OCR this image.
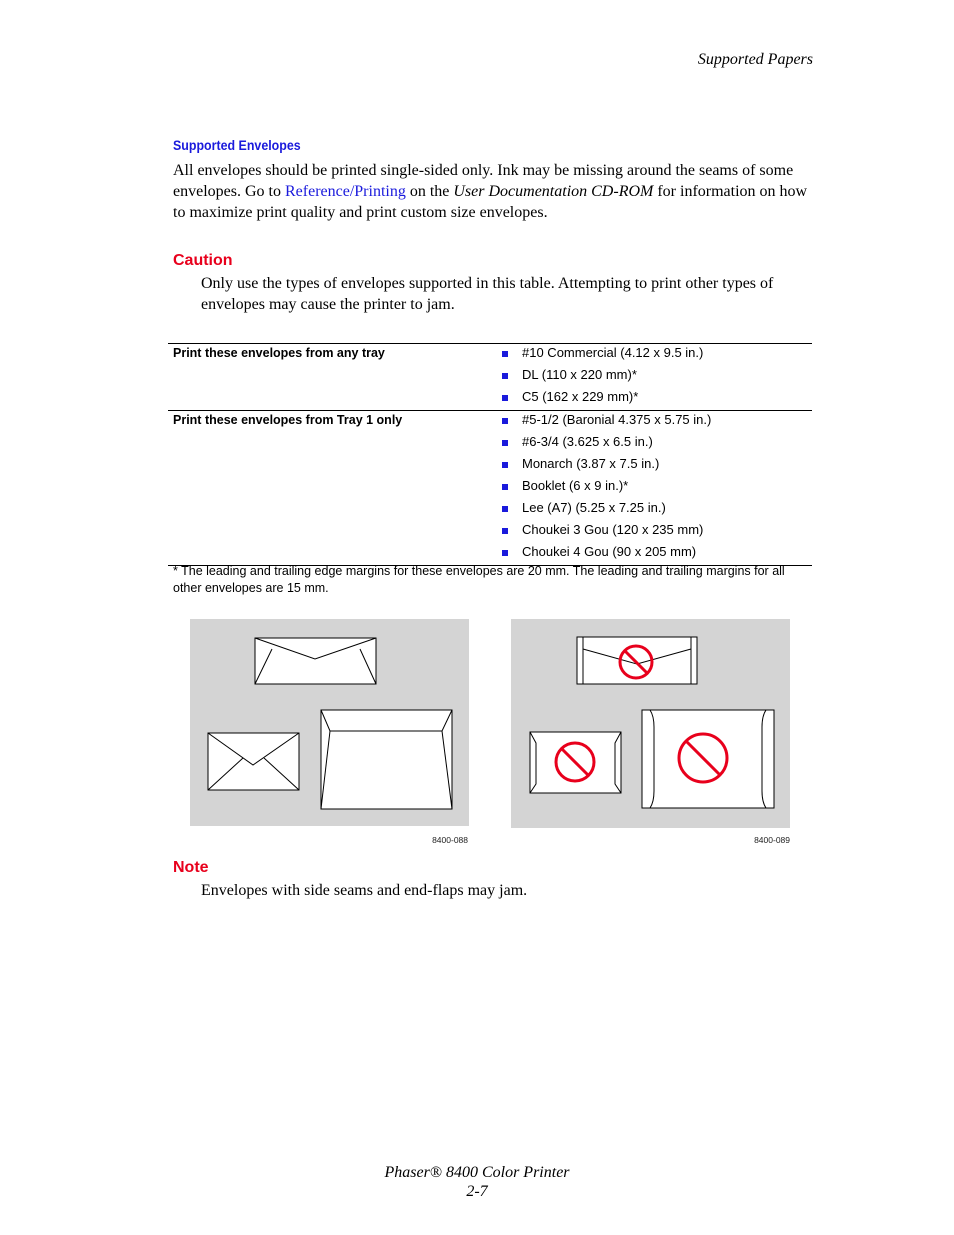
Supported Papers
Supported Envelopes
All envelopes should be printed single-sided only. Ink may be missing around the seams of some envelopes. Go to Reference/Printing on the User Documentation CD-ROM for information on how to maximize print quality and print custom size envelopes.
Caution
Only use the types of envelopes supported in this table. Attempting to print other types of envelopes may cause the printer to jam.
Print these envelopes from any tray	#10 Commercial (4.12 x 9.5 in.)
DL (110 x 220 mm)*
C5 (162 x 229 mm)*
Print these envelopes from Tray 1 only	#5-1/2 (Baronial 4.375 x 5.75 in.)
#6-3/4 (3.625 x 6.5 in.)
Monarch (3.87 x 7.5 in.)
Booklet (6 x 9 in.)*
Lee (A7) (5.25 x 7.25 in.)
Choukei 3 Gou (120 x 235 mm)
Choukei 4 Gou (90 x 205 mm)
* The leading and trailing edge margins for these envelopes are 20 mm. The leading and trailing margins for all other envelopes are 15 mm.
8400-088	8400-089
Note
Envelopes with side seams and end-flaps may jam.
Phaser® 8400 Color Printer
2-7
